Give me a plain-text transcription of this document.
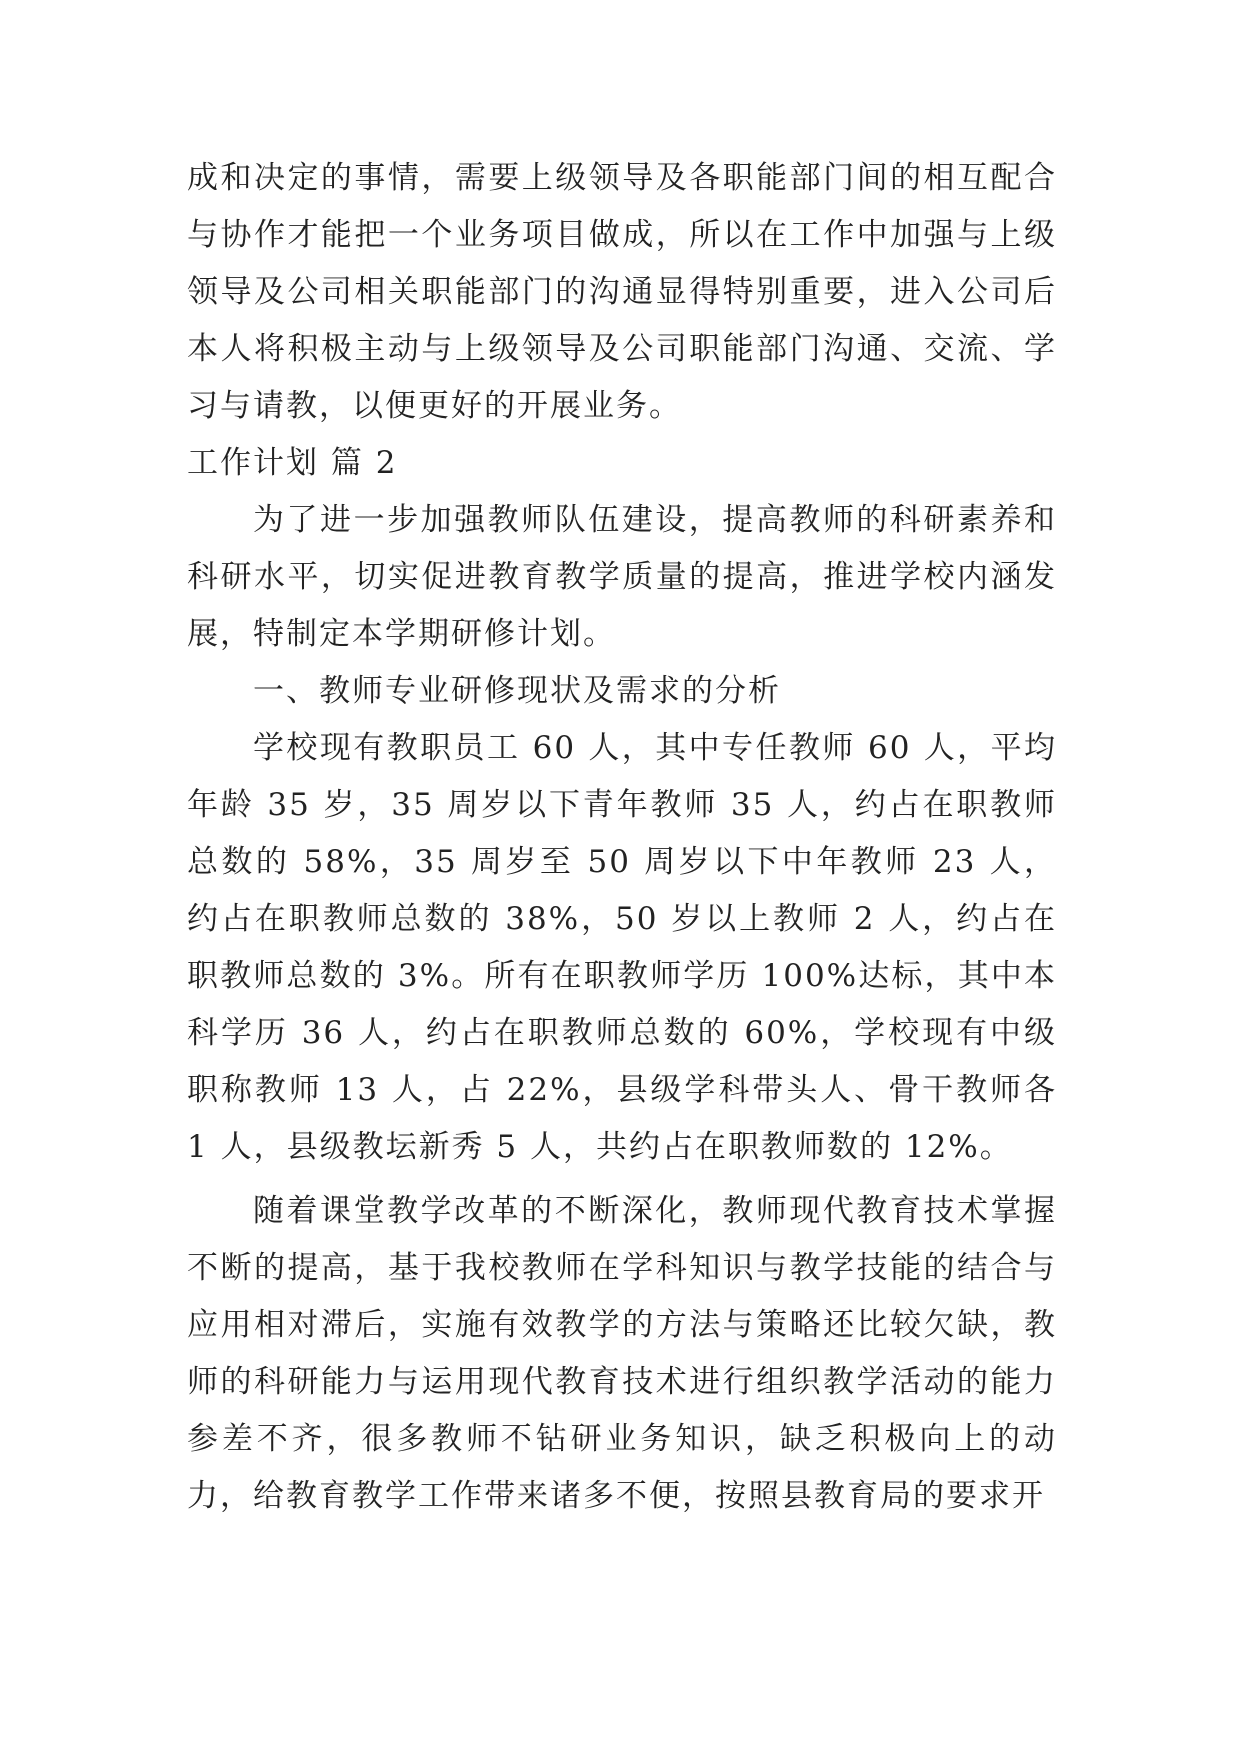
成和决定的事情，需要上级领导及各职能部门间的相互配合与协作才能把一个业务项目做成，所以在工作中加强与上级领导及公司相关职能部门的沟通显得特别重要，进入公司后本人将积极主动与上级领导及公司职能部门沟通、交流、学习与请教，以便更好的开展业务。

工作计划 篇 2

为了进一步加强教师队伍建设，提高教师的科研素养和科研水平，切实促进教育教学质量的提高，推进学校内涵发展，特制定本学期研修计划。

一、教师专业研修现状及需求的分析

学校现有教职员工 60 人，其中专任教师 60 人，平均年龄 35 岁，35 周岁以下青年教师 35 人，约占在职教师总数的 58%，35 周岁至 50 周岁以下中年教师 23 人，约占在职教师总数的 38%，50 岁以上教师 2 人，约占在职教师总数的 3%。所有在职教师学历 100%达标，其中本科学历 36 人，约占在职教师总数的 60%，学校现有中级职称教师 13 人，占 22%，县级学科带头人、骨干教师各 1 人，县级教坛新秀 5 人，共约占在职教师数的 12%。

随着课堂教学改革的不断深化，教师现代教育技术掌握不断的提高，基于我校教师在学科知识与教学技能的结合与应用相对滞后，实施有效教学的方法与策略还比较欠缺，教师的科研能力与运用现代教育技术进行组织教学活动的能力参差不齐，很多教师不钻研业务知识，缺乏积极向上的动力，给教育教学工作带来诸多不便，按照县教育局的要求开
